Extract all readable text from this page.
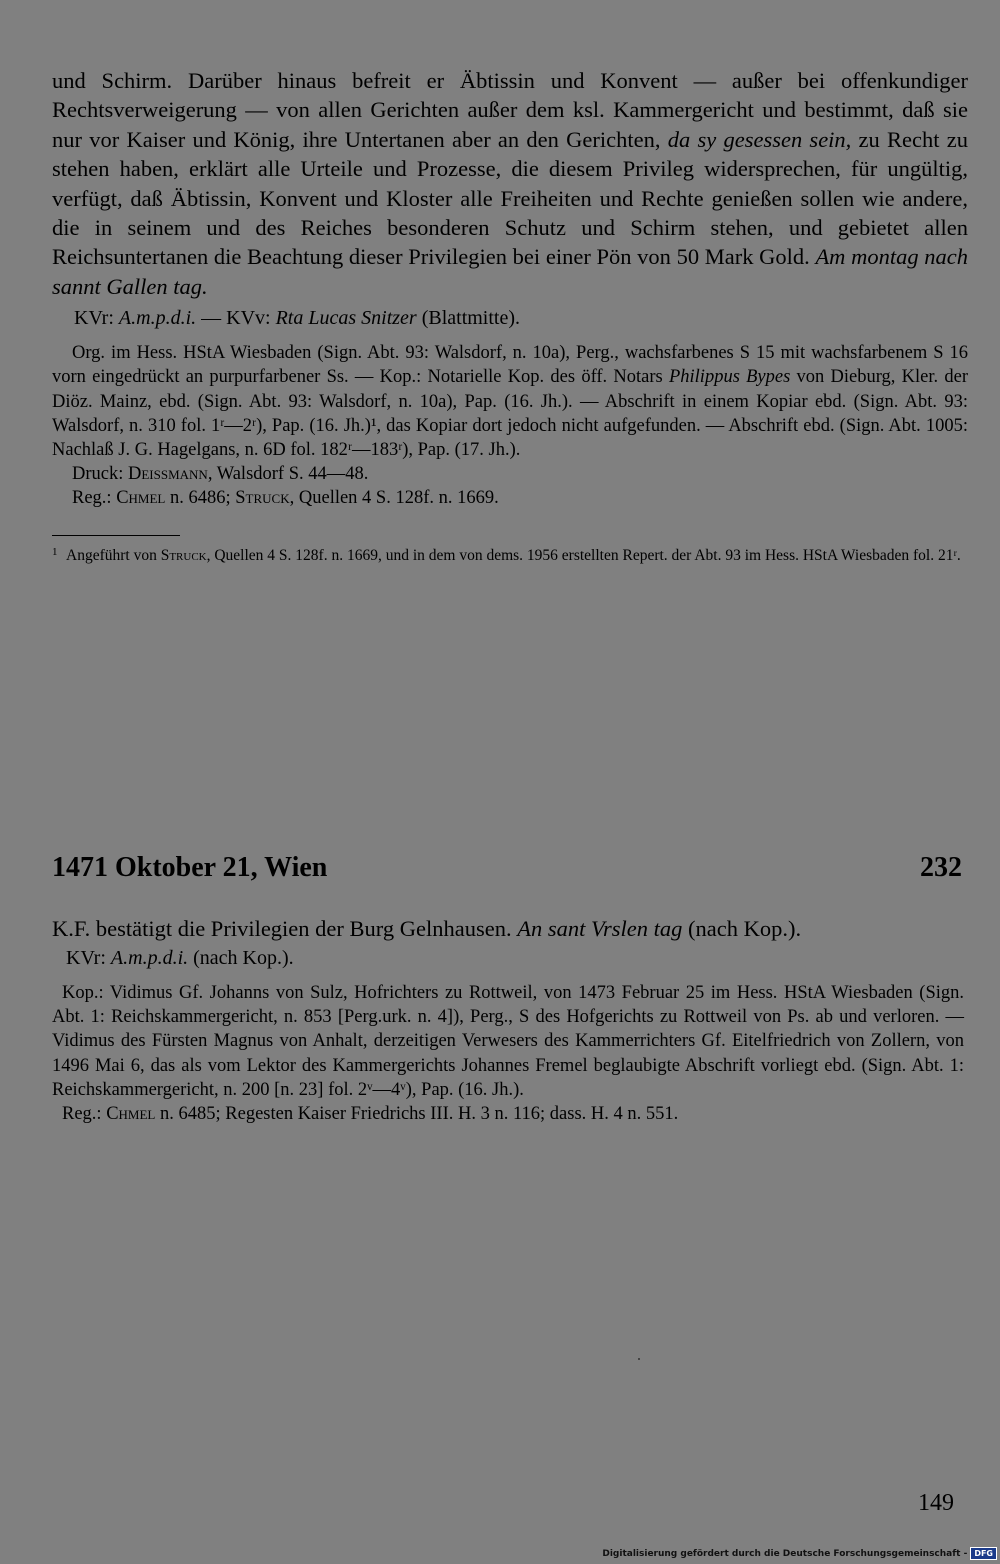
und Schirm. Darüber hinaus befreit er Äbtissin und Konvent — außer bei offenkundiger Rechtsverweigerung — von allen Gerichten außer dem ksl. Kammergericht und bestimmt, daß sie nur vor Kaiser und König, ihre Untertanen aber an den Gerichten, da sy gesessen sein, zu Recht zu stehen haben, erklärt alle Urteile und Prozesse, die diesem Privileg widersprechen, für ungültig, verfügt, daß Äbtissin, Konvent und Kloster alle Freiheiten und Rechte genießen sollen wie andere, die in seinem und des Reiches besonderen Schutz und Schirm stehen, und gebietet allen Reichsuntertanen die Beachtung dieser Privilegien bei einer Pön von 50 Mark Gold. Am montag nach sannt Gallen tag.

KVr: A.m.p.d.i. — KVv: Rta Lucas Snitzer (Blattmitte).

Org. im Hess. HStA Wiesbaden (Sign. Abt. 93: Walsdorf, n. 10a), Perg., wachsfarbenes S 15 mit wachsfarbenem S 16 vorn eingedrückt an purpurfarbener Ss. — Kop.: Notarielle Kop. des öff. Notars Philippus Bypes von Dieburg, Kler. der Diöz. Mainz, ebd. (Sign. Abt. 93: Walsdorf, n. 10a), Pap. (16. Jh.). — Abschrift in einem Kopiar ebd. (Sign. Abt. 93: Walsdorf, n. 310 fol. 1ʳ—2ʳ), Pap. (16. Jh.)¹, das Kopiar dort jedoch nicht aufgefunden. — Abschrift ebd. (Sign. Abt. 1005: Nachlaß J. G. Hagelgans, n. 6D fol. 182ʳ—183ʳ), Pap. (17. Jh.).

Druck: Deissmann, Walsdorf S. 44—48.

Reg.: Chmel n. 6486; Struck, Quellen 4 S. 128f. n. 1669.

1 Angeführt von Struck, Quellen 4 S. 128f. n. 1669, und in dem von dems. 1956 erstellten Repert. der Abt. 93 im Hess. HStA Wiesbaden fol. 21ʳ.
1471 Oktober 21, Wien	232

K.F. bestätigt die Privilegien der Burg Gelnhausen. An sant Vrslen tag (nach Kop.).

KVr: A.m.p.d.i. (nach Kop.).

Kop.: Vidimus Gf. Johanns von Sulz, Hofrichters zu Rottweil, von 1473 Februar 25 im Hess. HStA Wiesbaden (Sign. Abt. 1: Reichskammergericht, n. 853 [Perg.urk. n. 4]), Perg., S des Hofgerichts zu Rottweil von Ps. ab und verloren. — Vidimus des Fürsten Magnus von Anhalt, derzeitigen Verwesers des Kammerrichters Gf. Eitelfriedrich von Zollern, von 1496 Mai 6, das als vom Lektor des Kammergerichts Johannes Fremel beglaubigte Abschrift vorliegt ebd. (Sign. Abt. 1: Reichskammergericht, n. 200 [n. 23] fol. 2ᵛ—4ᵛ), Pap. (16. Jh.).

Reg.: Chmel n. 6485; Regesten Kaiser Friedrichs III. H. 3 n. 116; dass. H. 4 n. 551.

149
Digitalisierung gefördert durch die Deutsche Forschungsgemeinschaft - DFG
